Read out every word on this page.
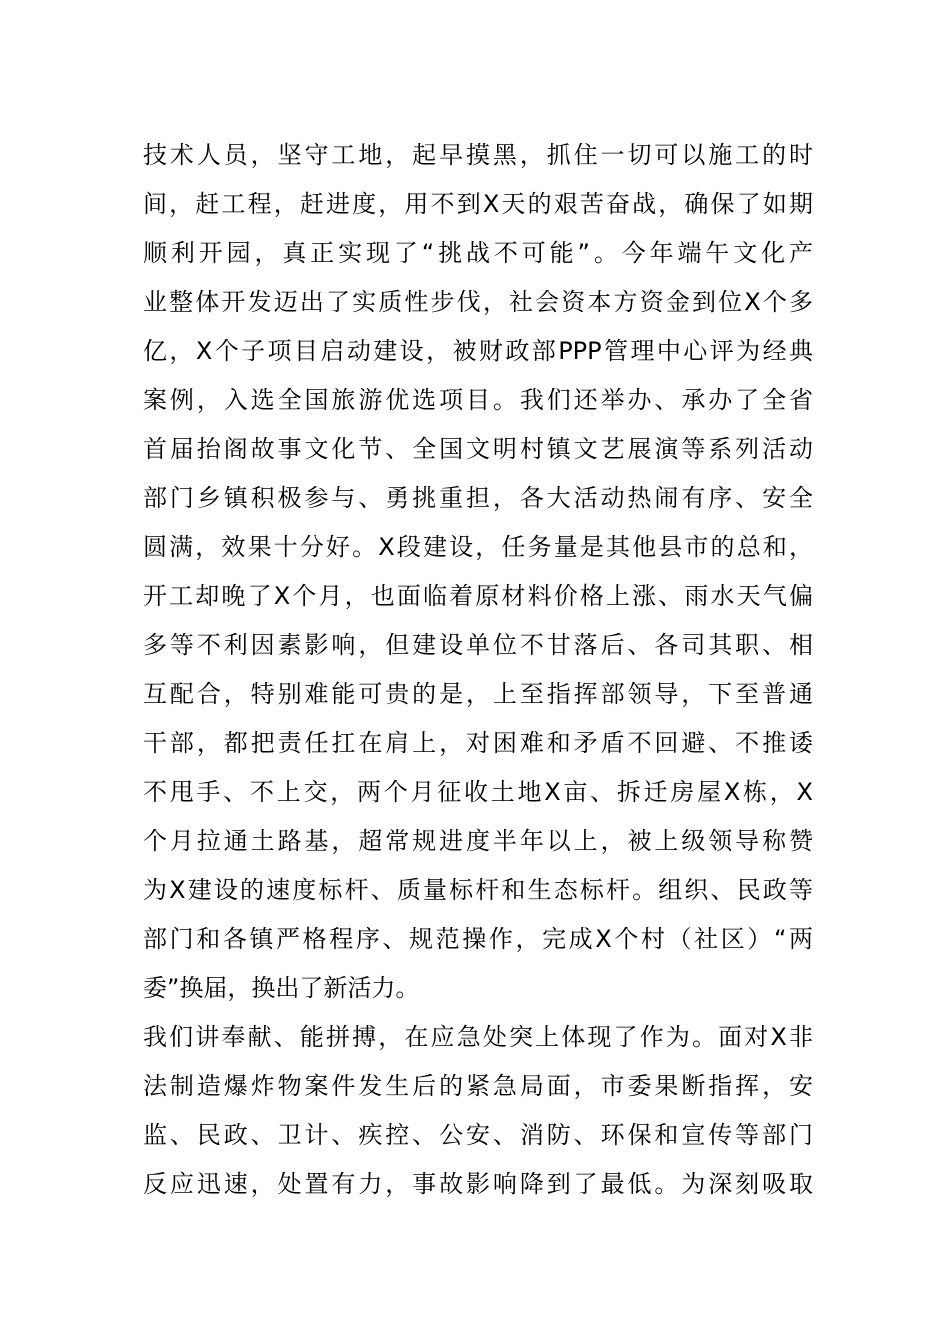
技术人员，坚守工地，起早摸黑，抓住一切可以施工的时
间，赶工程，赶进度，用不到X天的艰苦奋战，确保了如期
顺利开园，真正实现了“挑战不可能”。今年端午文化产
业整体开发迈出了实质性步伐，社会资本方资金到位X个多
亿，X个子项目启动建设，被财政部PPP管理中心评为经典
案例，入选全国旅游优选项目。我们还举办、承办了全省
首届抬阁故事文化节、全国文明村镇文艺展演等系列活动
部门乡镇积极参与、勇挑重担，各大活动热闹有序、安全
圆满，效果十分好。X段建设，任务量是其他县市的总和，
开工却晚了X个月，也面临着原材料价格上涨、雨水天气偏
多等不利因素影响，但建设单位不甘落后、各司其职、相
互配合，特别难能可贵的是，上至指挥部领导，下至普通
干部，都把责任扛在肩上，对困难和矛盾不回避、不推诿
不甩手、不上交，两个月征收土地X亩、拆迁房屋X栋，X
个月拉通土路基，超常规进度半年以上，被上级领导称赞
为X建设的速度标杆、质量标杆和生态标杆。组织、民政等
部门和各镇严格程序、规范操作，完成X个村（社区）“两
委”换届，换出了新活力。
我们讲奉献、能拼搏，在应急处突上体现了作为。面对X非
法制造爆炸物案件发生后的紧急局面，市委果断指挥，安
监、民政、卫计、疾控、公安、消防、环保和宣传等部门
反应迅速，处置有力，事故影响降到了最低。为深刻吸取
